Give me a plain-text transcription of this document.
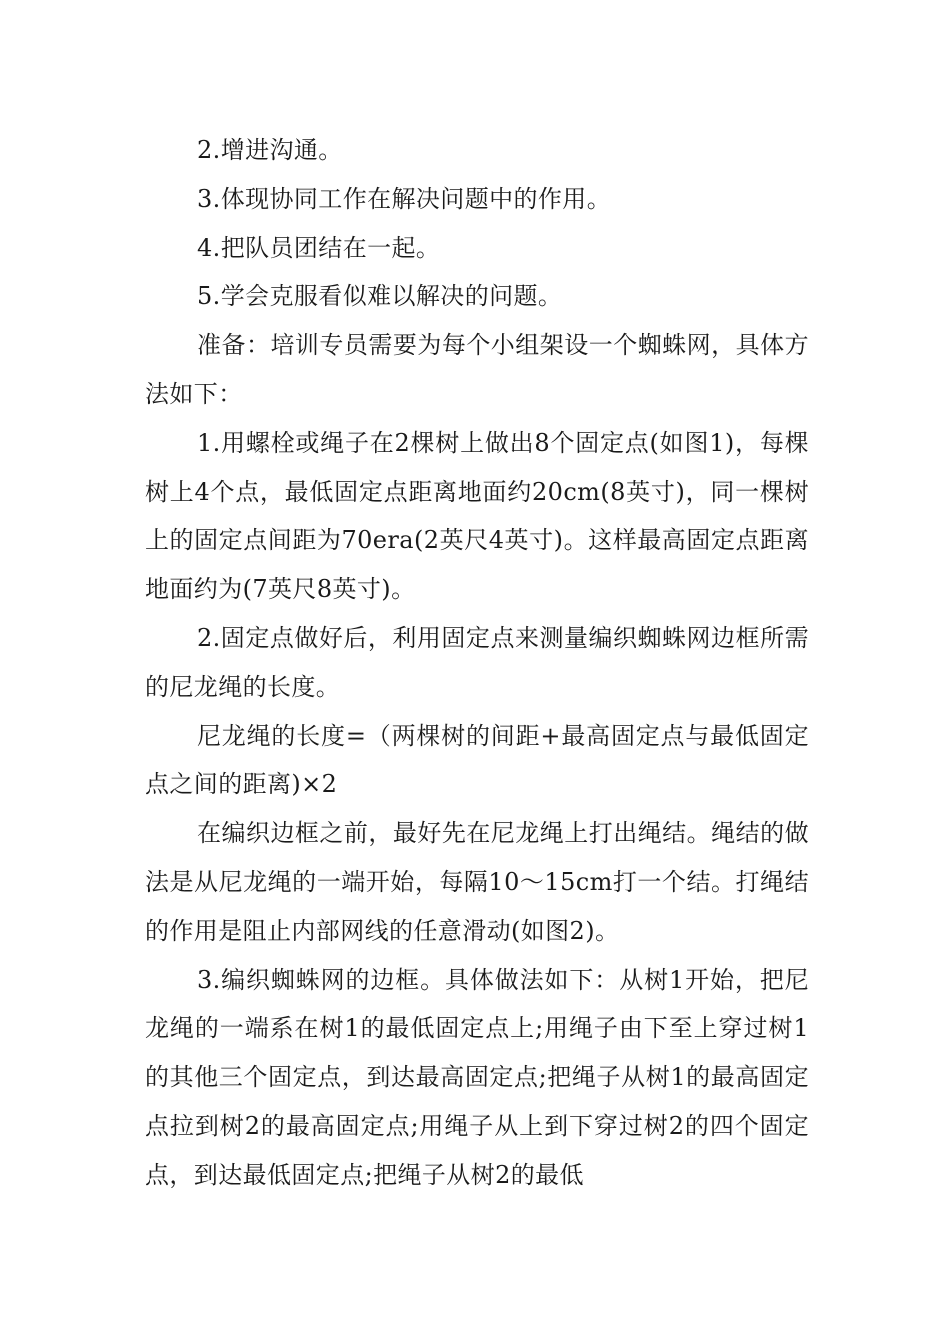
2.增进沟通。

3.体现协同工作在解决问题中的作用。

4.把队员团结在一起。

5.学会克服看似难以解决的问题。

准备：培训专员需要为每个小组架设一个蜘蛛网，具体方法如下：

1.用螺栓或绳子在2棵树上做出8个固定点(如图1)，每棵树上4个点，最低固定点距离地面约20cm(8英寸)，同一棵树上的固定点间距为70era(2英尺4英寸)。这样最高固定点距离地面约为(7英尺8英寸)。

2.固定点做好后，利用固定点来测量编织蜘蛛网边框所需的尼龙绳的长度。

尼龙绳的长度=（两棵树的间距+最高固定点与最低固定点之间的距离)×2

在编织边框之前，最好先在尼龙绳上打出绳结。绳结的做法是从尼龙绳的一端开始，每隔10～15cm打一个结。打绳结的作用是阻止内部网线的任意滑动(如图2)。

3.编织蜘蛛网的边框。具体做法如下：从树1开始，把尼龙绳的一端系在树1的最低固定点上;用绳子由下至上穿过树1的其他三个固定点，到达最高固定点;把绳子从树1的最高固定点拉到树2的最高固定点;用绳子从上到下穿过树2的四个固定点，到达最低固定点;把绳子从树2的最低
